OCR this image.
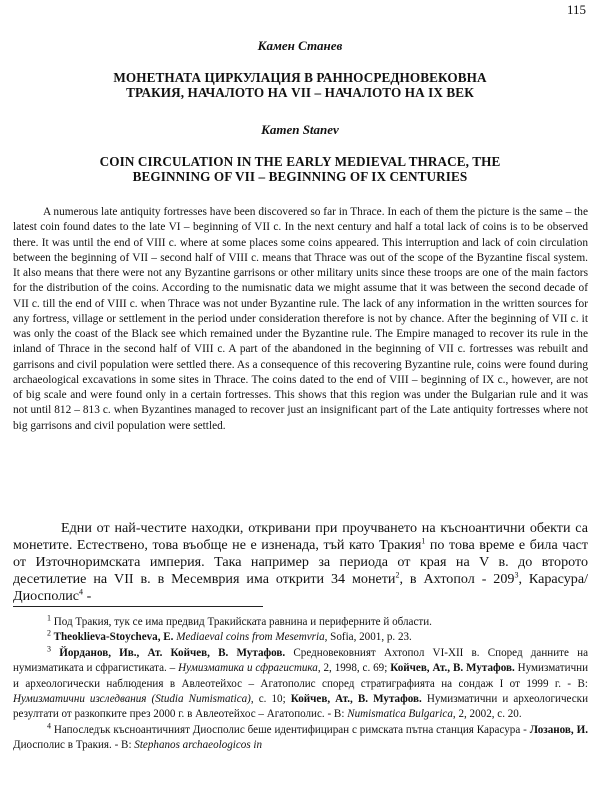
115
Камен Станев
МОНЕТНАТА ЦИРКУЛАЦИЯ В РАННОСРЕДНОВЕКОВНА
ТРАКИЯ, НАЧАЛОТО НА VII – НАЧАЛОТО НА IX ВЕК
Kamen Stanev
COIN CIRCULATION IN THE EARLY MEDIEVAL THRACE, THE
BEGINNING OF VII – BEGINNING OF IX CENTURIES

A numerous late antiquity fortresses have been discovered so far in Thrace. In each of them the picture is the same – the latest coin found dates to the late VI – beginning of VII c. In the next century and half a total lack of coins is to be observed there. It was until the end of VIII c. where at some places some coins appeared. This interruption and lack of coin circulation between the beginning of VII – second half of VIII c. means that Thrace was out of the scope of the Byzantine fiscal system. It also means that there were not any Byzantine garrisons or other military units since these troops are one of the main factors for the distribution of the coins. According to the numisnatic data we might assume that it was between the second decade of VII c. till the end of VIII c. when Thrace was not under Byzantine rule. The lack of any information in the written sources for any fortress, village or settlement in the period under consideration therefore is not by chance. After the beginning of VII c. it was only the coast of the Black see which remained under the Byzantine rule. The Empire managed to recover its rule in the inland of Thrace in the second half of VIII c. A part of the abandoned in the beginning of VII c. fortresses was rebuilt and garrisons and civil population were settled there. As a consequence of this recovering Byzantine rule, coins were found during archaeological excavations in some sites in Thrace. The coins dated to the end of VIII – beginning of IX c., however, are not of big scale and were found only in a certain fortresses. This shows that this region was under the Bulgarian rule and it was not until 812 – 813 c. when Byzantines managed to recover just an insignificant part of the Late antiquity fortresses where not big garrisons and civil population were settled.

Едни от най-честите находки, откривани при проучването на късноантични обекти са монетите. Естествено, това въобще не е изненада, тъй като Тракия$^1$ по това време е била част от Източноримската империя. Така например за периода от края на V в. до второто десетилетие на VII в. в Месемврия има открити 34 монети$^2$, в Ахтопол - $209^3$, Карасура/Диосполис$^4$ -

$^1$ Под Тракия, тук се има предвид Тракийската равнина и периферните й области.

$^2$ Theoklieva-Stoycheva, E. Mediaeval coins from Mesemvria, Sofia, 2001, p. 23.

$^3$ Йорданов, Ив., Ат. Койчев, В. Мутафов. Средновековният Ахтопол VI-XII в. Според данните на нумизматиката и сфрагистиката. – Нумизматика и сфрагистика, 2, 1998, с. 69; Койчев, Ат., В. Мутафов. Нумизматични и археологически наблюдения в Авлеотейхос – Агатополис според стратиграфията на сондаж I от 1999 г. - В: Нумизматични изследвания (Studia Numismatica), с. 10; Койчев, Ат., В. Мутафов. Нумизматични и археологически резултати от разкопките през 2000 г. в Авлеотейхос – Агатополис. - В: Numismatica Bulgarica, 2, 2002, с. 20.

$^4$ Напоследък късноантичният Диосполис беше идентифициран с римската пътна станция Карасура - Лозанов, И. Диосполис в Тракия. - В: Stephanos archaeologicos in
